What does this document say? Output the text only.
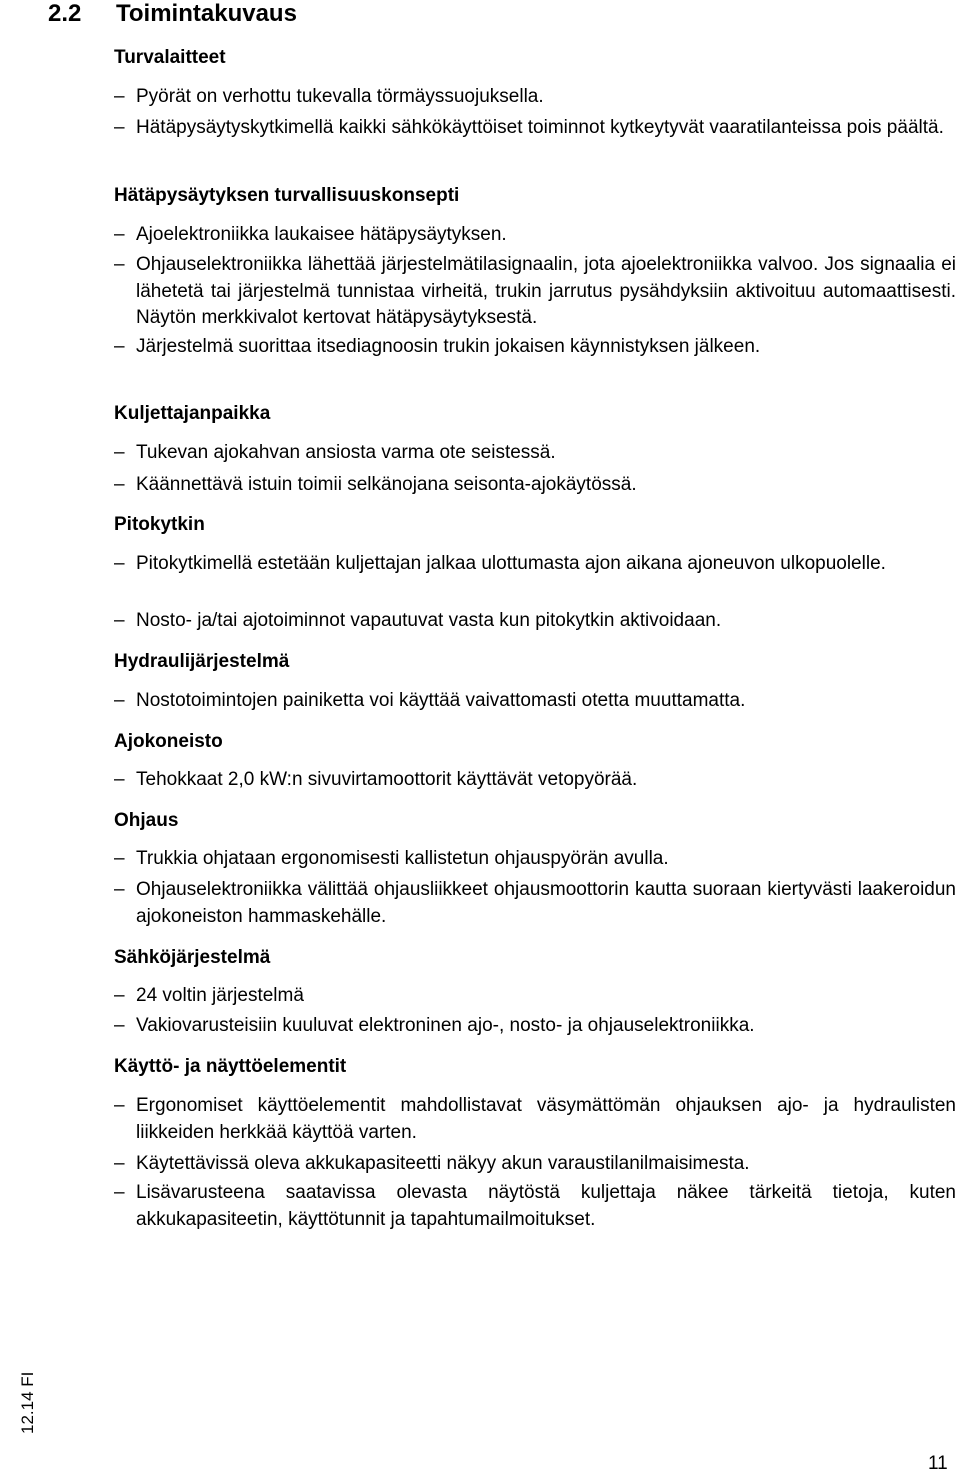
2.2 Toimintakuvaus
Turvalaitteet
– Pyörät on verhottu tukevalla törmäyssuojuksella.
– Hätäpysäytyskytkimellä kaikki sähkökäyttöiset toiminnot kytkeytyvät vaaratilanteissa pois päältä.
Hätäpysäytyksen turvallisuuskonsepti
– Ajoelektroniikka laukaisee hätäpysäytyksen.
– Ohjauselektroniikka lähettää järjestelmätilasignaalin, jota ajoelektroniikka valvoo. Jos signaalia ei lähetetä tai järjestelmä tunnistaa virheitä, trukin jarrutus pysähdyksiin aktivoituu automaattisesti. Näytön merkkivalot kertovat hätäpysäytyksestä.
– Järjestelmä suorittaa itsediagnoosin trukin jokaisen käynnistyksen jälkeen.
Kuljettajanpaikka
– Tukevan ajokahvan ansiosta varma ote seistessä.
– Käännettävä istuin toimii selkänojana seisonta-ajokäytössä.
Pitokytkin
– Pitokytkimellä estetään kuljettajan jalkaa ulottumasta ajon aikana ajoneuvon ulkopuolelle.
– Nosto- ja/tai ajotoiminnot vapautuvat vasta kun pitokytkin aktivoidaan.
Hydraulijärjestelmä
– Nostotoimintojen painiketta voi käyttää vaivattomasti otetta muuttamatta.
Ajokoneisto
– Tehokkaat 2,0 kW:n sivuvirtamoottorit käyttävät vetopyörää.
Ohjaus
– Trukkia ohjataan ergonomisesti kallistetun ohjauspyörän avulla.
– Ohjauselektroniikka välittää ohjausliikkeet ohjausmoottorin kautta suoraan kiertyvästi laakeroidun ajokoneiston hammaskehälle.
Sähköjärjestelmä
– 24 voltin järjestelmä
– Vakiovarusteisiin kuuluvat elektroninen ajo-, nosto- ja ohjauselektroniikka.
Käyttö- ja näyttöelementit
– Ergonomiset käyttöelementit mahdollistavat väsymättömän ohjauksen ajo- ja hydraulisten liikkeiden herkkää käyttöä varten.
– Käytettävissä oleva akkukapasiteetti näkyy akun varaustilanilmaisimesta.
– Lisävarusteena saatavissa olevasta näytöstä kuljettaja näkee tärkeitä tietoja, kuten akkukapasiteetin, käyttötunnit ja tapahtumailmoitukset.
12.14 FI
11
